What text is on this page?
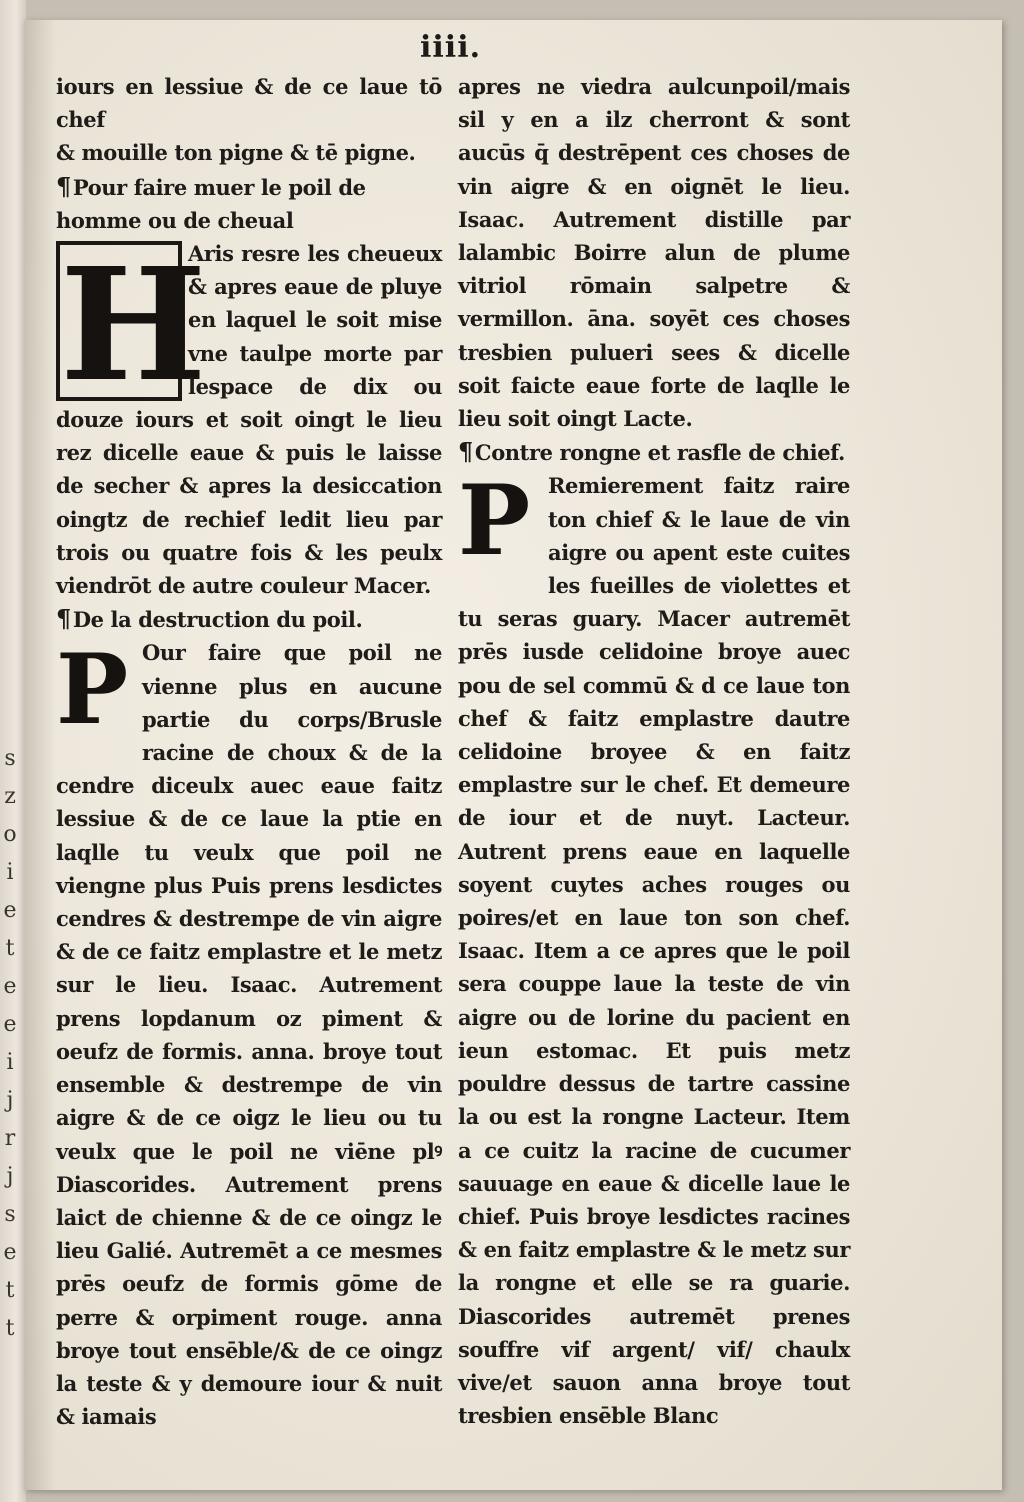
s

z

o

i

e

t

e

e

i

j

r

j

s

e

t

t

iiii.

iours en lessiue & de ce laue tō chef

& mouille ton pigne & tē pigne.

¶Pour faire muer le poil de homme ou de cheual

H

Aris resre les cheueux & apres eaue de pluye en laquel le soit mise vne taulpe morte par lespace de dix ou douze iours et soit oingt le lieu rez dicelle eaue & puis le laisse de secher & apres la desiccation oingtz de rechief ledit lieu par trois ou quatre fois & les peulx viendrōt de autre couleur Macer.

¶De la destruction du poil.

P Our faire que poil ne vienne plus en aucune partie du corps/Brusle racine de choux & de la cendre diceulx auec eaue faitz lessiue & de ce laue la ptie en laqlle tu veulx que poil ne viengne plus Puis prens lesdictes cendres & destrempe de vin aigre & de ce faitz emplastre et le metz sur le lieu. Isaac. Autrement prens lopdanum oz piment & oeufz de formis. anna. broye tout ensemble & destrempe de vin aigre & de ce oigz le lieu ou tu veulx que le poil ne viēne plꝰ Diascorides. Autrement prens laict de chienne & de ce oingz le lieu Galié. Autremēt a ce mesmes prēs oeufz de formis gōme de perre & orpiment rouge. anna broye tout ensēble/& de ce oingz la teste & y demoure iour & nuit & iamais

apres ne viedra aulcunpoil/mais sil y en a ilz cherront & sont aucūs q̄ destrēpent ces choses de vin aigre & en oignēt le lieu. Isaac. Autrement distille par lalambic Boirre alun de plume vitriol rōmain salpetre & vermillon. āna. soyēt ces choses tresbien pulueri sees & dicelle soit faicte eaue forte de laqlle le lieu soit oingt Lacte.

¶Contre rongne et rasfle de chief.

P Remierement faitz raire ton chief & le laue de vin aigre ou apent este cuites les fueilles de violettes et tu seras guary. Macer autremēt prēs iusde celidoine broye auec pou de sel commū & d ce laue ton chef & faitz emplastre dautre celidoine broyee & en faitz emplastre sur le chef. Et demeure de iour et de nuyt. Lacteur. Autrent prens eaue en laquelle soyent cuytes aches rouges ou poires/et en laue ton son chef. Isaac. Item a ce apres que le poil sera couppe laue la teste de vin aigre ou de lorine du pacient en ieun estomac. Et puis metz pouldre dessus de tartre cassine la ou est la rongne Lacteur. Item a ce cuitz la racine de cucumer sauuage en eaue & dicelle laue le chief. Puis broye lesdictes racines & en faitz emplastre & le metz sur la rongne et elle se ra guarie. Diascorides autremēt prenes souffre vif argent/ vif/ chaulx vive/et sauon anna broye tout tresbien ensēble Blanc
